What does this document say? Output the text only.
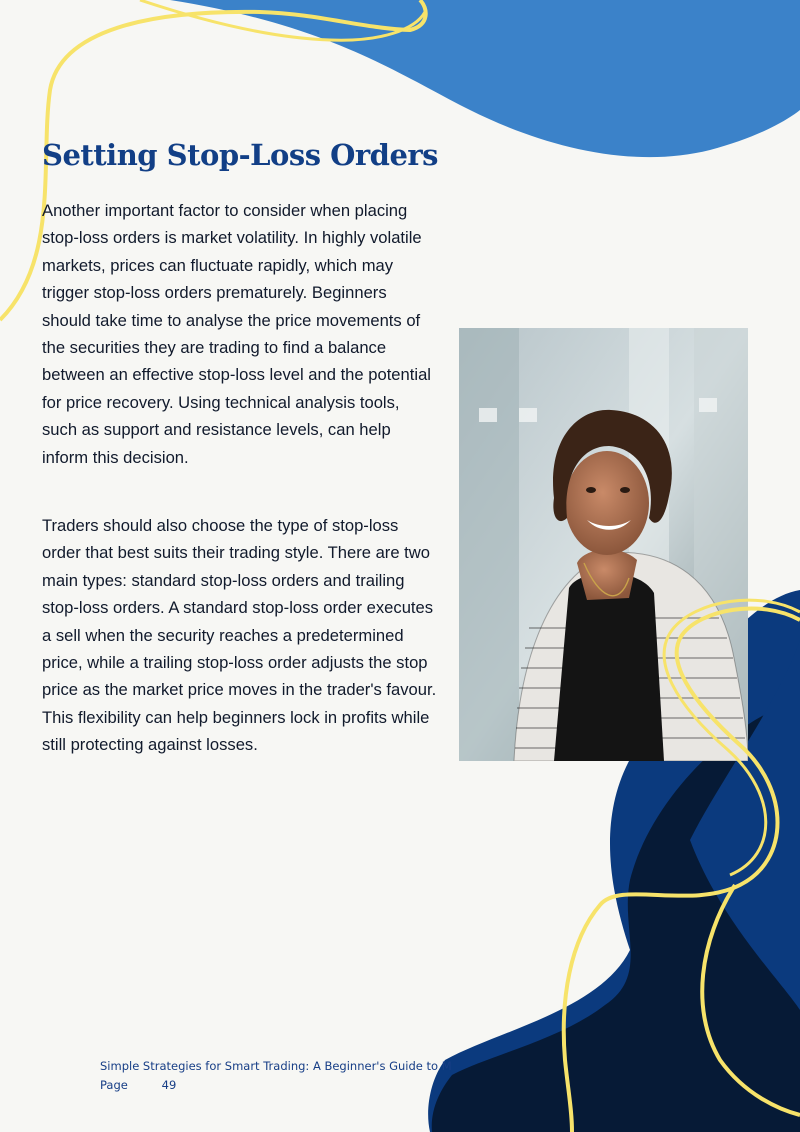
Setting Stop-Loss Orders

Another important factor to consider when placing stop-loss orders is market volatility. In highly volatile markets, prices can fluctuate rapidly, which may trigger stop-loss orders prematurely. Beginners should take time to analyse the price movements of the securities they are trading to find a balance between an effective stop-loss level and the potential for price recovery. Using technical analysis tools, such as support and resistance levels, can help inform this decision.

Traders should also choose the type of stop-loss order that best suits their trading style. There are two main types: standard stop-loss orders and trailing stop-loss orders. A standard stop-loss order executes a sell when the security reaches a predetermined price, while a trailing stop-loss order adjusts the stop price as the market price moves in the trader's favour. This flexibility can help beginners lock in profits while still protecting against losses.

Simple Strategies for Smart Trading: A Beginner's Guide to M
Page	49
